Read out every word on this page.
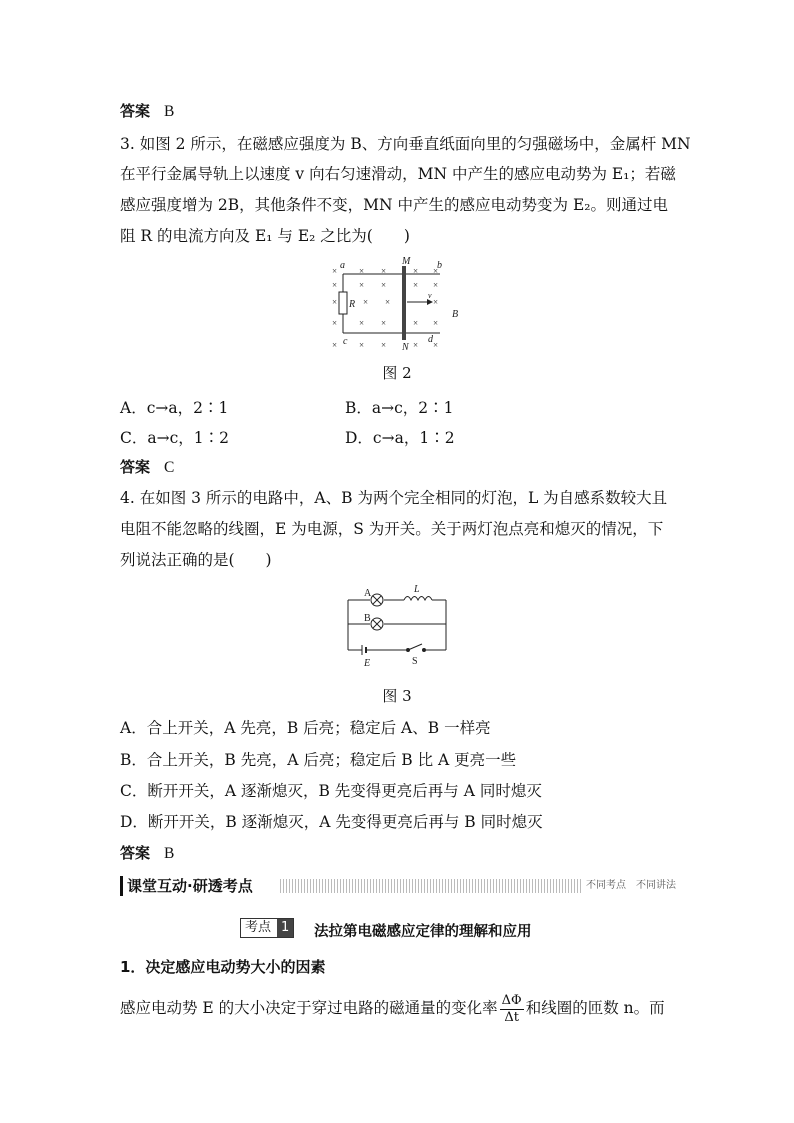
答案 B
3. 如图 2 所示，在磁感应强度为 B、方向垂直纸面向里的匀强磁场中，金属杆 MN
在平行金属导轨上以速度 v 向右匀速滑动，MN 中产生的感应电动势为 E₁；若磁
感应强度增为 2B，其他条件不变，MN 中产生的感应电动势变为 E₂。则通过电
阻 R 的电流方向及 E₁ 与 E₂ 之比为(　　)
× × ×	× ×
× × ×	× ×
×	× ×	×
× × ×	× ×
× × ×	× ×
a	b
c	d
M
N
R
v
B
图 2
A．c→a，2∶1	B．a→c，2∶1
C．a→c，1∶2	D．c→a，1∶2
答案 C
4. 在如图 3 所示的电路中，A、B 为两个完全相同的灯泡，L 为自感系数较大且
电阻不能忽略的线圈，E 为电源，S 为开关。关于两灯泡点亮和熄灭的情况，下
列说法正确的是(　　)
A
B
L
E	S
图 3
A．合上开关，A 先亮，B 后亮；稳定后 A、B 一样亮
B．合上开关，B 先亮，A 后亮；稳定后 B 比 A 更亮一些
C．断开开关，A 逐渐熄灭，B 先变得更亮后再与 A 同时熄灭
D．断开开关，B 逐渐熄灭，A 先变得更亮后再与 B 同时熄灭
答案 B
课堂互动·研透考点	不同考点　不同讲法
考点 1 法拉第电磁感应定律的理解和应用
1．决定感应电动势大小的因素
感应电动势 E 的大小决定于穿过电路的磁通量的变化率 $\frac{\Delta\Phi}{\Delta t}$ 和线圈的匝数 n。而
